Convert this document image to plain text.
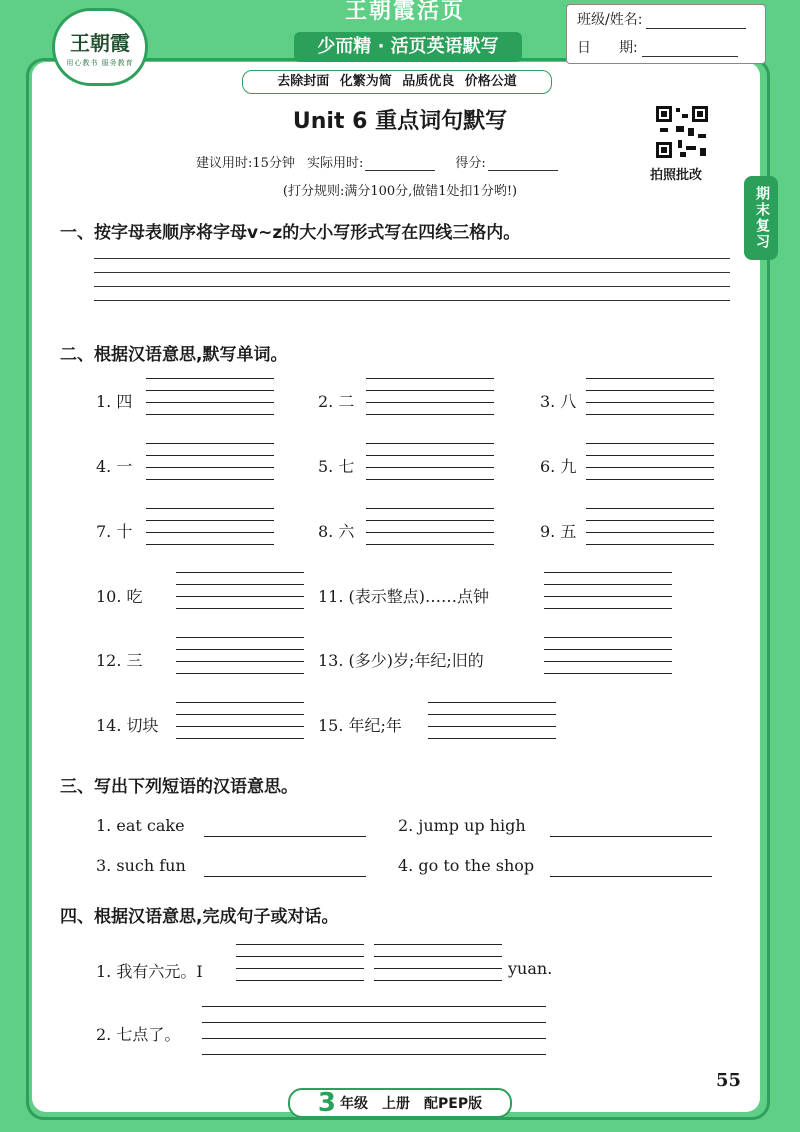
王朝霞
用心教书 服务教育
王朝霞活页
少而精 · 活页英语默写
去除封面 化繁为简 品质优良 价格公道
班级/姓名:
日　　期:
Unit 6 重点词句默写
建议用时:15分钟 实际用时:	得分:
(打分规则:满分100分,做错1处扣1分哟!)
拍照批改
期末复习
一、按字母表顺序将字母v~z的大小写形式写在四线三格内。
二、根据汉语意思,默写单词。
1. 四	2. 二	3. 八
4. 一	5. 七	6. 九
7. 十	8. 六	9. 五
10. 吃	11. (表示整点)……点钟
12. 三	13. (多少)岁;年纪;旧的
14. 切块	15. 年纪;年
三、写出下列短语的汉语意思。
1. eat cake	2. jump up high
3. such fun	4. go to the shop
四、根据汉语意思,完成句子或对话。
1. 我有六元。I	yuan.
2. 七点了。
3 年级　上册　配PEP版
55
